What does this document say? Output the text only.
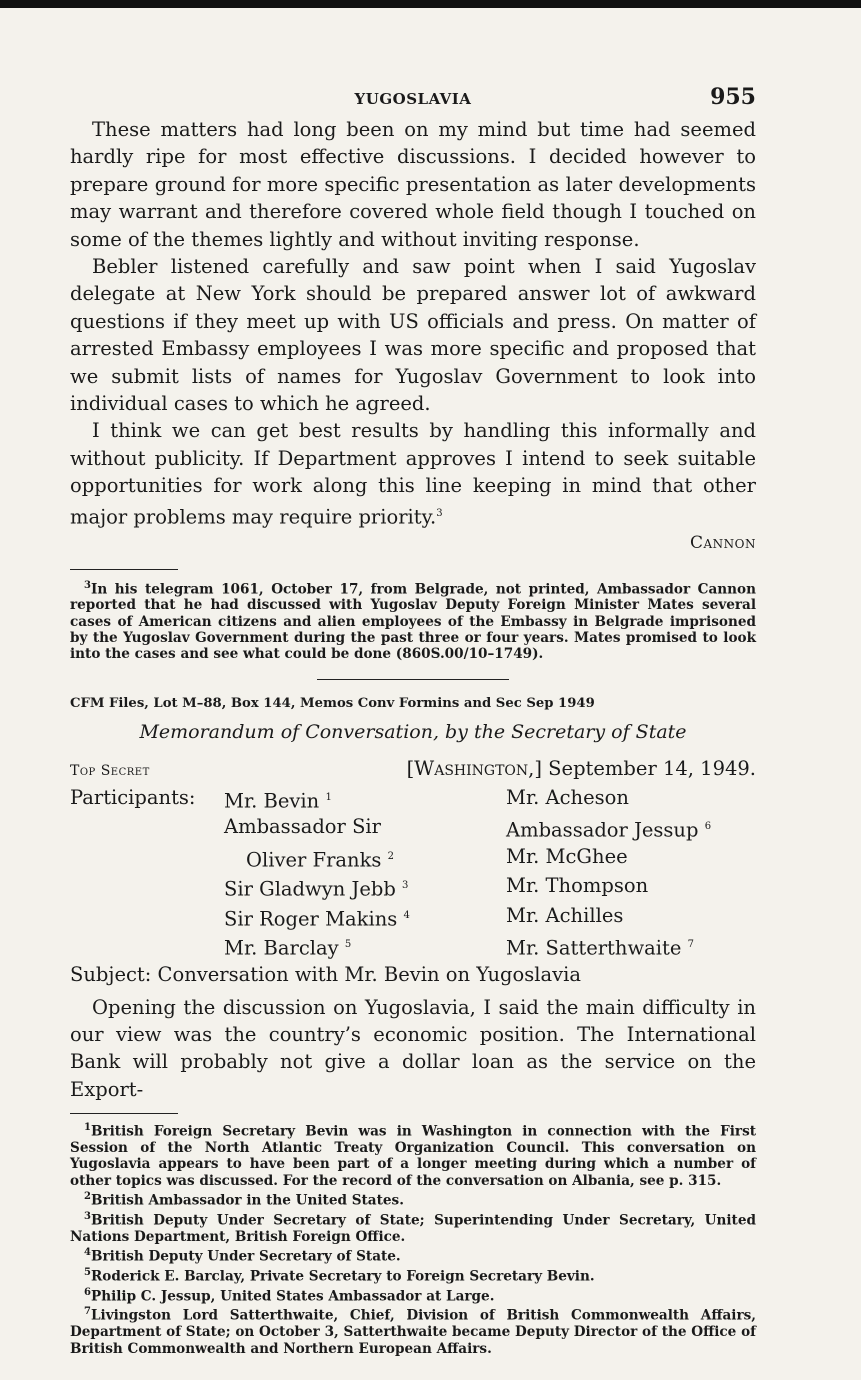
YUGOSLAVIA	955

These matters had long been on my mind but time had seemed hardly ripe for most effective discussions. I decided however to prepare ground for more specific presentation as later developments may warrant and therefore covered whole field though I touched on some of the themes lightly and without inviting response.

Bebler listened carefully and saw point when I said Yugoslav delegate at New York should be prepared answer lot of awkward questions if they meet up with US officials and press. On matter of arrested Embassy employees I was more specific and proposed that we submit lists of names for Yugoslav Government to look into individual cases to which he agreed.

I think we can get best results by handling this informally and without publicity. If Department approves I intend to seek suitable opportunities for work along this line keeping in mind that other major problems may require priority.$^3$

Cannon

$^3$In his telegram 1061, October 17, from Belgrade, not printed, Ambassador Cannon reported that he had discussed with Yugoslav Deputy Foreign Minister Mates several cases of American citizens and alien employees of the Embassy in Belgrade imprisoned by the Yugoslav Government during the past three or four years. Mates promised to look into the cases and see what could be done (860S.00/10–1749).

CFM Files, Lot M–88, Box 144, Memos Conv Formins and Sec Sep 1949
Memorandum of Conversation, by the Secretary of State
Top Secret	[Washington,] September 14, 1949.
Participants:	Mr. Bevin $^1$	Mr. Acheson
	Ambassador Sir	Ambassador Jessup $^6$
	Oliver Franks $^2$	Mr. McGhee
	Sir Gladwyn Jebb $^3$	Mr. Thompson
	Sir Roger Makins $^4$	Mr. Achilles
	Mr. Barclay $^5$	Mr. Satterthwaite $^7$
Subject: Conversation with Mr. Bevin on Yugoslavia

Opening the discussion on Yugoslavia, I said the main difficulty in our view was the country’s economic position. The International Bank will probably not give a dollar loan as the service on the Export-

$^1$British Foreign Secretary Bevin was in Washington in connection with the First Session of the North Atlantic Treaty Organization Council. This conversation on Yugoslavia appears to have been part of a longer meeting during which a number of other topics was discussed. For the record of the conversation on Albania, see p. 315.

$^2$British Ambassador in the United States.

$^3$British Deputy Under Secretary of State; Superintending Under Secretary, United Nations Department, British Foreign Office.

$^4$British Deputy Under Secretary of State.

$^5$Roderick E. Barclay, Private Secretary to Foreign Secretary Bevin.

$^6$Philip C. Jessup, United States Ambassador at Large.

$^7$Livingston Lord Satterthwaite, Chief, Division of British Commonwealth Affairs, Department of State; on October 3, Satterthwaite became Deputy Director of the Office of British Commonwealth and Northern European Affairs.
